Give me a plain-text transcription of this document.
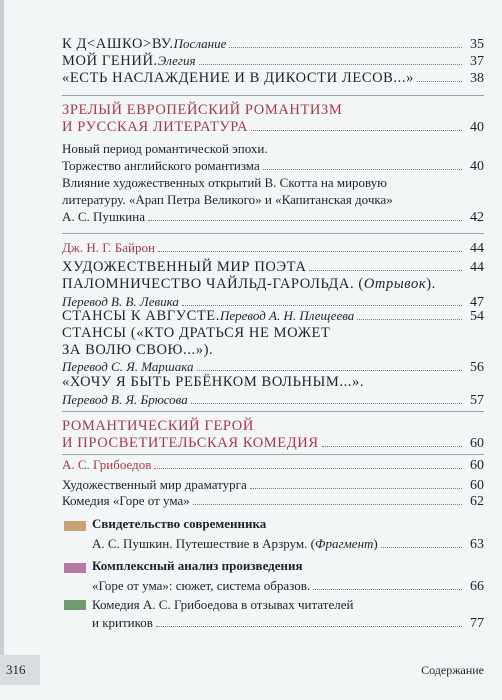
К Д<АШКО>ВУ. Послание	35
МОЙ ГЕНИЙ. Элегия	37
«ЕСТЬ НАСЛАЖДЕНИЕ И В ДИКОСТИ ЛЕСОВ...»	38
ЗРЕЛЫЙ ЕВРОПЕЙСКИЙ РОМАНТИЗМ
И РУССКАЯ ЛИТЕРАТУРА	40
Новый период романтической эпохи.
Торжество английского романтизма	40
Влияние художественных открытий В. Скотта на мировую
литературу. «Арап Петра Великого» и «Капитанская дочка»
А. С. Пушкина	42
Дж. Н. Г. Байрон	44
ХУДОЖЕСТВЕННЫЙ МИР ПОЭТА	44
ПАЛОМНИЧЕСТВО ЧАЙЛЬД-ГАРОЛЬДА. (Отрывок).
Перевод В. В. Левика	47
СТАНСЫ К АВГУСТЕ. Перевод А. Н. Плещеева	54
СТАНСЫ («КТО ДРАТЬСЯ НЕ МОЖЕТ
ЗА ВОЛЮ СВОЮ...»).
Перевод С. Я. Маршака	56
«ХОЧУ Я БЫТЬ РЕБЁНКОМ ВОЛЬНЫМ...».
Перевод В. Я. Брюсова	57
РОМАНТИЧЕСКИЙ ГЕРОЙ
И ПРОСВЕТИТЕЛЬСКАЯ КОМЕДИЯ	60
А. С. Грибоедов	60
Художественный мир драматурга	60
Комедия «Горе от ума»	62
Свидетельство современника
А. С. Пушкин. Путешествие в Арзрум. ( Фрагмент )	63
Комплексный анализ произведения
«Горе от ума»: сюжет, система образов.	66
Комедия А. С. Грибоедова в отзывах читателей
и критиков	77
316	Содержание
